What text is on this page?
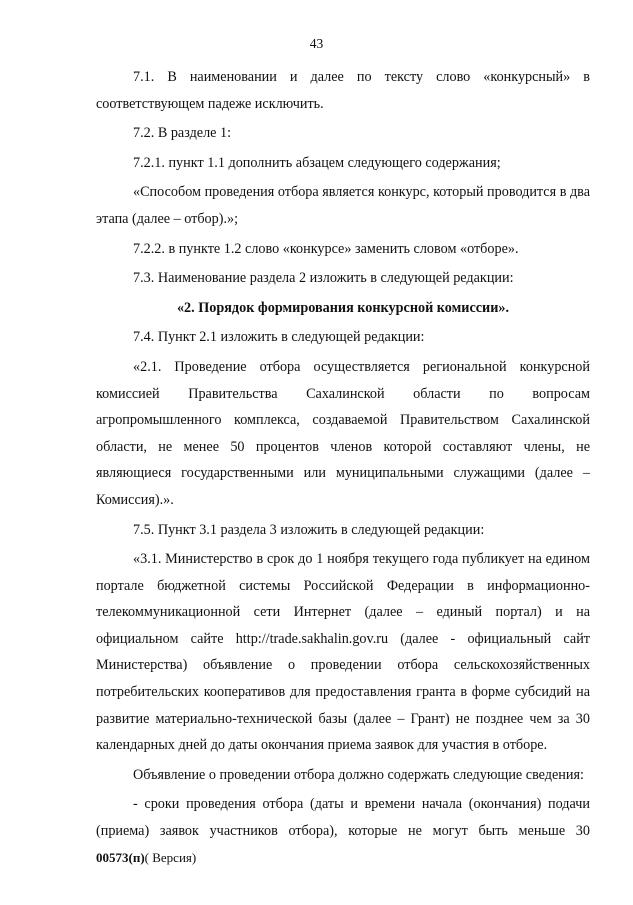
43

7.1. В наименовании и далее по тексту слово «конкурсный» в соответствующем падеже исключить.

7.2. В разделе 1:

7.2.1. пункт 1.1 дополнить абзацем следующего содержания;

«Способом проведения отбора является конкурс, который проводится в два этапа (далее – отбор).»;

7.2.2. в пункте 1.2 слово «конкурсе» заменить словом «отборе».

7.3. Наименование раздела 2 изложить в следующей редакции:

«2. Порядок формирования конкурсной комиссии».

7.4. Пункт 2.1 изложить в следующей редакции:

«2.1. Проведение отбора осуществляется региональной конкурсной комиссией Правительства Сахалинской области по вопросам агропромышленного комплекса, создаваемой Правительством Сахалинской области, не менее 50 процентов членов которой составляют члены, не являющиеся государственными или муниципальными служащими (далее – Комиссия).».

7.5. Пункт 3.1 раздела 3 изложить в следующей редакции:

«3.1. Министерство в срок до 1 ноября текущего года публикует на едином портале бюджетной системы Российской Федерации в информационно-телекоммуникационной сети Интернет (далее – единый портал) и на официальном сайте http://trade.sakhalin.gov.ru (далее - официальный сайт Министерства) объявление о проведении отбора сельскохозяйственных потребительских кооперативов для предоставления гранта в форме субсидий на развитие материально-технической базы (далее – Грант) не позднее чем за 30 календарных дней до даты окончания приема заявок для участия в отборе.

Объявление о проведении отбора должно содержать следующие сведения:

- сроки проведения отбора (даты и времени начала (окончания) подачи (приема) заявок участников отбора), которые не могут быть меньше 30

00573(п)( Версия)
